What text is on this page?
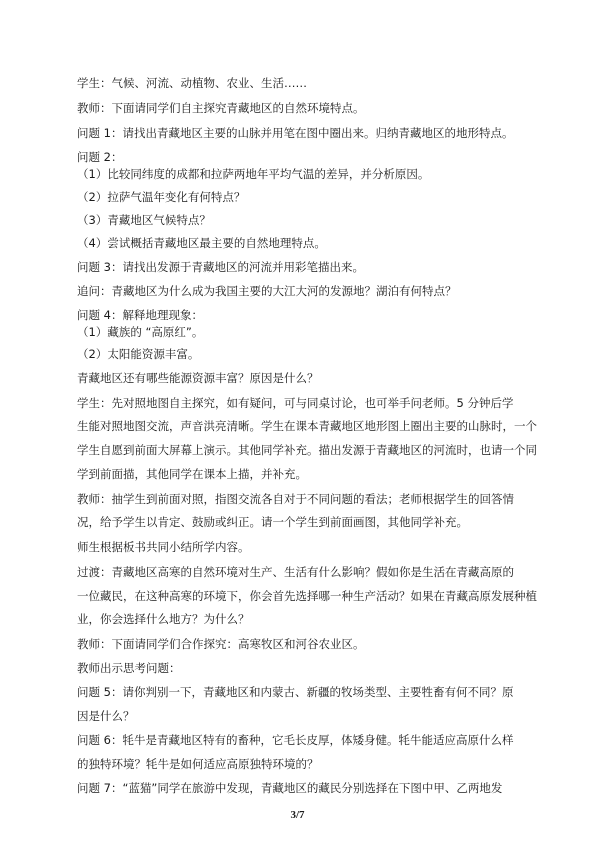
学生：气候、河流、动植物、农业、生活……
教师：下面请同学们自主探究青藏地区的自然环境特点。
问题 1：请找出青藏地区主要的山脉并用笔在图中圈出来。归纳青藏地区的地形特点。
问题 2：
（1）比较同纬度的成都和拉萨两地年平均气温的差异，并分析原因。
（2）拉萨气温年变化有何特点？
（3）青藏地区气候特点？
（4）尝试概括青藏地区最主要的自然地理特点。
问题 3：请找出发源于青藏地区的河流并用彩笔描出来。
追问：青藏地区为什么成为我国主要的大江大河的发源地？湖泊有何特点？
问题 4：解释地理现象：
（1）藏族的 “高原红”。
（2）太阳能资源丰富。
青藏地区还有哪些能源资源丰富？原因是什么？
学生：先对照地图自主探究，如有疑问，可与同桌讨论，也可举手问老师。5 分钟后学
生能对照地图交流，声音洪亮清晰。学生在课本青藏地区地形图上圈出主要的山脉时，一个
学生自愿到前面大屏幕上演示。其他同学补充。描出发源于青藏地区的河流时，也请一个同
学到前面描，其他同学在课本上描，并补充。
教师：抽学生到前面对照，指图交流各自对于不同问题的看法；老师根据学生的回答情
况，给予学生以肯定、鼓励或纠正。请一个学生到前面画图，其他同学补充。
师生根据板书共同小结所学内容。
过渡：青藏地区高寒的自然环境对生产、生活有什么影响？假如你是生活在青藏高原的
一位藏民，在这种高寒的环境下，你会首先选择哪一种生产活动？如果在青藏高原发展种植
业，你会选择什么地方？为什么？
教师：下面请同学们合作探究：高寒牧区和河谷农业区。
教师出示思考问题：
问题 5：请你判别一下，青藏地区和内蒙古、新疆的牧场类型、主要牲畜有何不同？原
因是什么？
问题 6：牦牛是青藏地区特有的畜种，它毛长皮厚，体矮身健。牦牛能适应高原什么样
的独特环境？牦牛是如何适应高原独特环境的？
问题 7：“蓝猫”同学在旅游中发现，青藏地区的藏民分别选择在下图中甲、乙两地发
3/7
